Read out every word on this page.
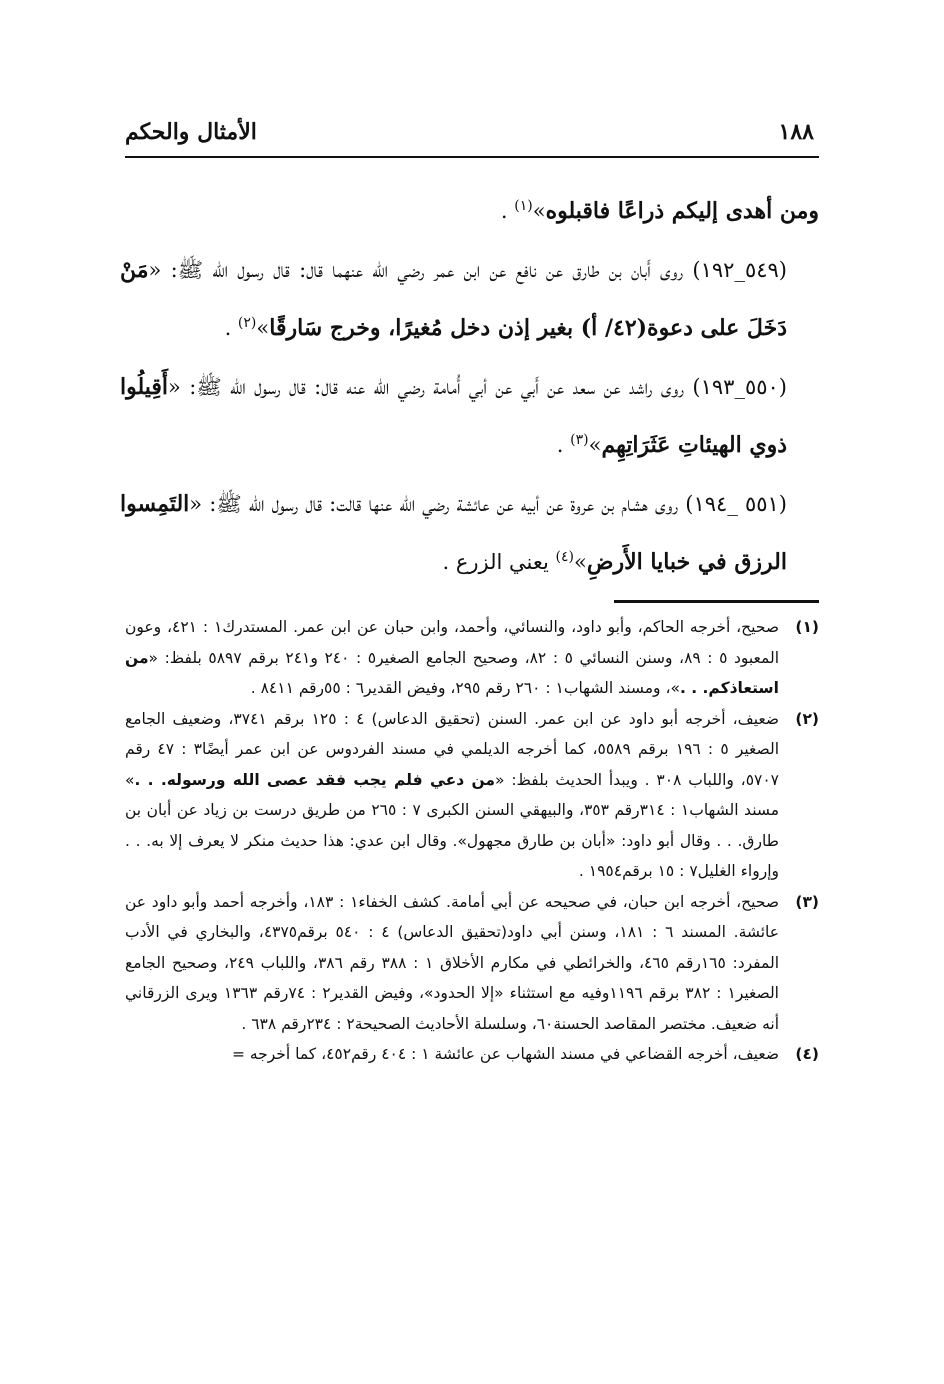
١٨٨
الأمثال والحكم

ومن أهدى إليكم ذراعًا فاقبلوه»$^{(١)}$ .

(٥٤٩_١٩٢) روى أَبان بن طارق عن نافع عن ابن عمر رضي الله عنهما قال: قال رسول الله ﷺ: «مَنْ دَخَلَ على دعوة(٤٢/ أ) بغير إذن دخل مُغيرًا، وخرج سَارقًا»$^{(٢)}$ .

(٥٥٠_١٩٣) روى راشد عن سعد عن أَبي عن أبي أُمامة رضي الله عنه قال: قال رسول الله ﷺ: «أَقِيلُوا ذوي الهيئاتِ عَثَرَاتِهِم»$^{(٣)}$ .

(٥٥١ _١٩٤) روى هشام بن عروة عن أبيه عن عائشة رضي الله عنها قالت: قال رسول الله ﷺ: «التَمِسوا الرزق في خبايا الأَرضِ»$^{(٤)}$ يعني الزرع .

(١)
صحيح، أخرجه الحاكم، وأبو داود، والنسائي، وأحمد، وابن حبان عن ابن عمر. المستدرك١ : ٤٢١، وعون المعبود ٥ : ٨٩، وسنن النسائي ٥ : ٨٢، وصحيح الجامع الصغير٥ : ٢٤٠ و٢٤١ برقم ٥٨٩٧ بلفظ: «من استعاذكم. . .»، ومسند الشهاب١ : ٢٦٠ رقم ٢٩٥، وفيض القدير٦ : ٥٥رقم ٨٤١١ .
(٢)
ضعيف، أخرجه أبو داود عن ابن عمر. السنن (تحقيق الدعاس) ٤ : ١٢٥ برقم ٣٧٤١، وضعيف الجامع الصغير ٥ : ١٩٦ برقم ٥٥٨٩، كما أخرجه الديلمي في مسند الفردوس عن ابن عمر أيضًا٣ : ٤٧ رقم ٥٧٠٧، واللباب ٣٠٨ . ويبدأ الحديث بلفظ: «من دعي فلم يجب فقد عصى الله ورسوله. . .» مسند الشهاب١ : ٣١٤رقم ٣٥٣، والبيهقي السنن الكبرى ٧ : ٢٦٥ من طريق درست بن زياد عن أبان بن طارق. . . وقال أبو داود: «أبان بن طارق مجهول». وقال ابن عدي: هذا حديث منكر لا يعرف إلا به. . . وإرواء الغليل٧ : ١٥ برقم١٩٥٤ .
(٣)
صحيح، أخرجه ابن حبان، في صحيحه عن أبي أمامة. كشف الخفاء١ : ١٨٣، وأخرجه أحمد وأبو داود عن عائشة. المسند ٦ : ١٨١، وسنن أبي داود(تحقيق الدعاس) ٤ : ٥٤٠ برقم٤٣٧٥، والبخاري في الأدب المفرد: ١٦٥رقم ٤٦٥، والخرائطي في مكارم الأخلاق ١ : ٣٨٨ رقم ٣٨٦، واللباب ٢٤٩، وصحيح الجامع الصغير١ : ٣٨٢ برقم ١١٩٦وفيه مع استثناء «إلا الحدود»، وفيض القدير٢ : ٧٤رقم ١٣٦٣ ويرى الزرقاني أنه ضعيف. مختصر المقاصد الحسنة٦٠، وسلسلة الأحاديث الصحيحة٢ : ٢٣٤رقم ٦٣٨ .
(٤)
ضعيف، أخرجه القضاعي في مسند الشهاب عن عائشة ١ : ٤٠٤ رقم٤٥٢، كما أخرجه =
